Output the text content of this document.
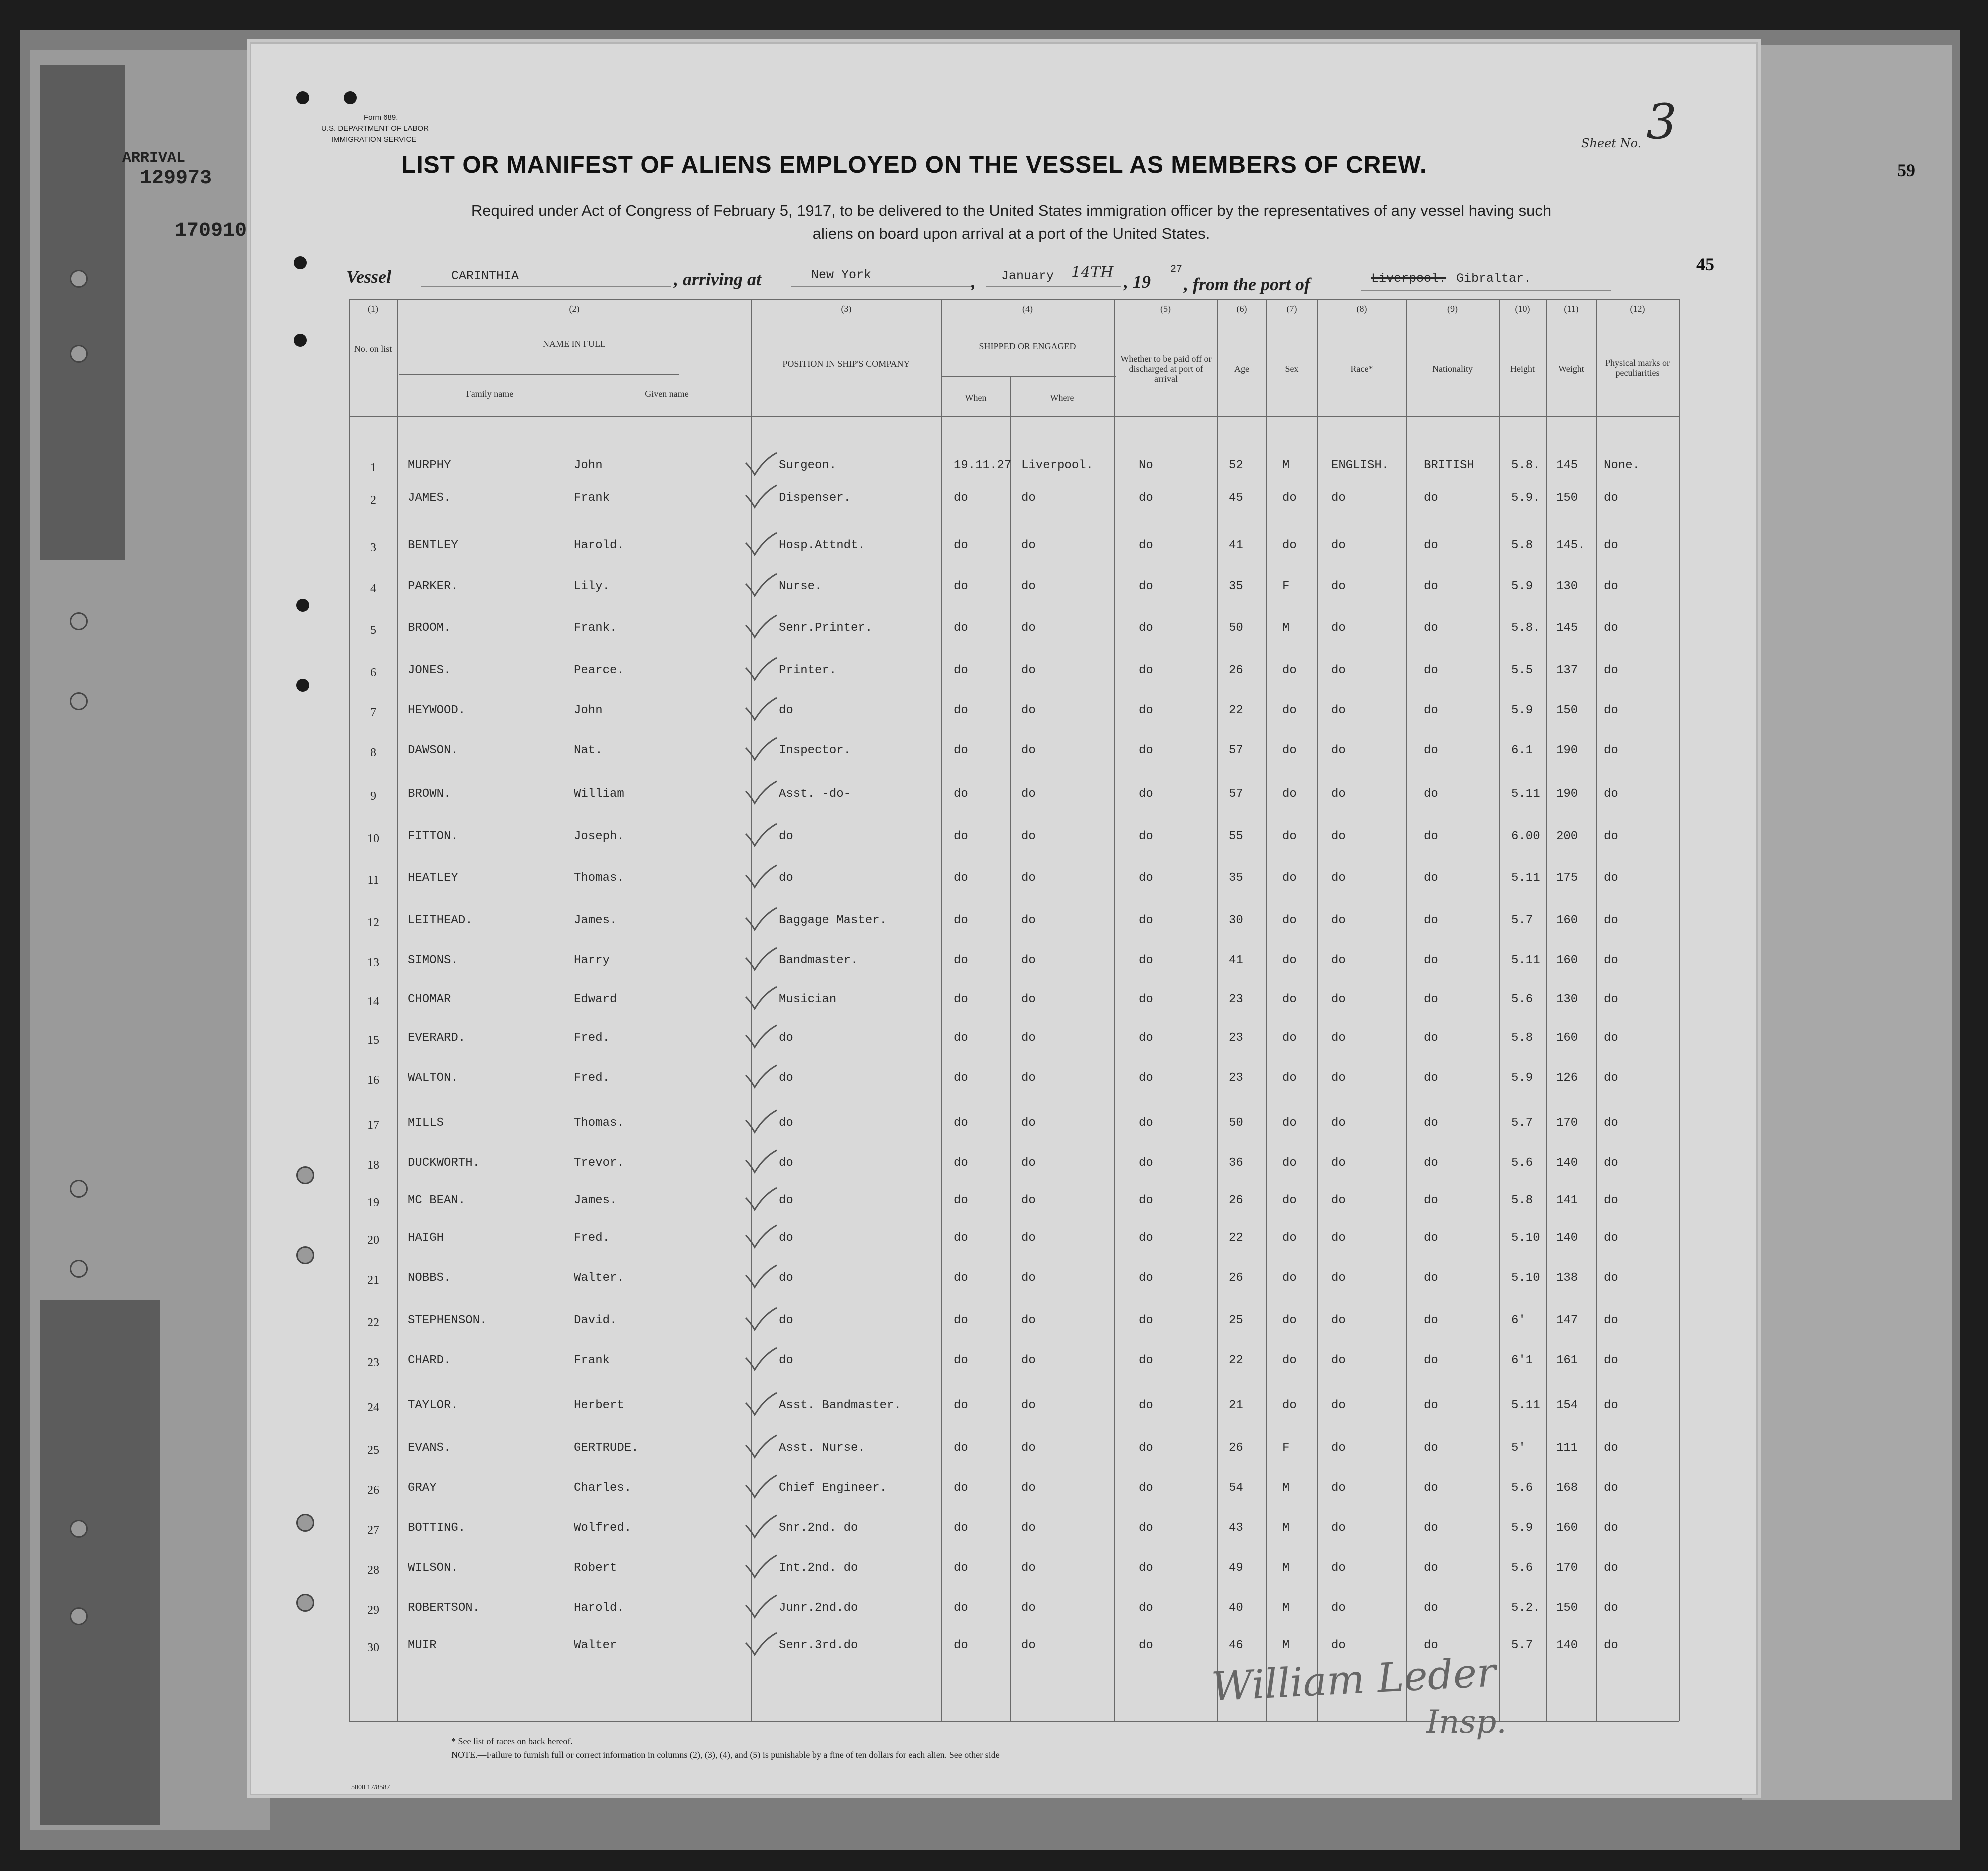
ARRIVAL
129973
170910
59
Form 689.
U.S. DEPARTMENT OF LABOR
IMMIGRATION SERVICE	Sheet No. 3
LIST OR MANIFEST OF ALIENS EMPLOYED ON THE VESSEL AS MEMBERS OF CREW.
Required under Act of Congress of February 5, 1917, to be delivered to the United States immigration officer by the representatives of any vessel having such
aliens on board upon arrival at a port of the United States.
Vessel	CARINTHIA	, arriving at	New York	, January 14TH , 19
27
, from the port of	Liverpool. Gibraltar.
45
(1)	(2)	(3)	(4)	(5)	(6)	(7)	(8)	(9)	(10)	(11)	(12)
No. on list	NAME IN FULL
Family name	Given name
POSITION IN SHIP'S COMPANY
SHIPPED OR ENGAGED
When	Where
Whether to be paid off or discharged at port of arrival
Age	Sex	Race*	Nationality	Height	Weight
Physical marks or peculiarities
1	MURPHY	John	Surgeon.	19.11.27 Liverpool.	No	52	M	ENGLISH.	BRITISH	5.8. 145 None.
2	JAMES.	Frank	Dispenser.	do	do	do	45	do	do	do	5.9. 150 do
3	BENTLEY	Harold.	Hosp.Attndt.	do	do	do	41	do	do	do	5.8 145. do
4	PARKER.	Lily.	Nurse.	do	do	do	35	F	do	do	5.9 130 do
5	BROOM.	Frank.	Senr.Printer.	do	do	do	50	M	do	do	5.8. 145 do
6	JONES.	Pearce.	Printer.	do	do	do	26	do	do	do	5.5 137 do
7	HEYWOOD.	John	do	do	do	do	22	do	do	do	5.9 150 do
8	DAWSON.	Nat.	Inspector.	do	do	do	57	do	do	do	6.1 190 do
9	BROWN.	William	Asst. -do-	do	do	do	57	do	do	do	5.11 190 do
10	FITTON.	Joseph.	do	do	do	do	55	do	do	do	6.00 200 do
11	HEATLEY	Thomas.	do	do	do	do	35	do	do	do	5.11 175 do
12	LEITHEAD.	James.	Baggage Master.	do	do	do	30	do	do	do	5.7 160 do
13	SIMONS.	Harry	Bandmaster.	do	do	do	41	do	do	do	5.11 160 do
14	CHOMAR	Edward	Musician	do	do	do	23	do	do	do	5.6 130 do
15	EVERARD.	Fred.	do	do	do	do	23	do	do	do	5.8 160 do
16	WALTON.	Fred.	do	do	do	do	23	do	do	do	5.9 126 do
17	MILLS	Thomas.	do	do	do	do	50	do	do	do	5.7 170 do
18	DUCKWORTH.	Trevor.	do	do	do	do	36	do	do	do	5.6 140 do
19	MC BEAN.	James.	do	do	do	do	26	do	do	do	5.8 141 do
20	HAIGH	Fred.	do	do	do	do	22	do	do	do	5.10 140 do
21	NOBBS.	Walter.	do	do	do	do	26	do	do	do	5.10 138 do
22	STEPHENSON.	David.	do	do	do	do	25	do	do	do	6'	147 do
23	CHARD.	Frank	do	do	do	do	22	do	do	do	6'1 161 do
24	TAYLOR.	Herbert	Asst. Bandmaster.	do	do	do	21	do	do	do	5.11 154 do
25	EVANS.	GERTRUDE.	Asst. Nurse.	do	do	do	26	F	do	do	5'	111 do
26	GRAY	Charles.	Chief Engineer.	do	do	do	54	M	do	do	5.6 168 do
27	BOTTING.	Wolfred.	Snr.2nd. do	do	do	do	43	M	do	do	5.9 160 do
28	WILSON.	Robert	Int.2nd. do	do	do	do	49	M	do	do	5.6 170 do
29	ROBERTSON.	Harold.	Junr.2nd.do	do	do	do	40	M	do	do	5.2. 150 do
30	MUIR	Walter	Senr.3rd.do	do	do	do	46	M	do	do	5.7 140 do
William Leder
Insp.
* See list of races on back hereof.
NOTE.—Failure to furnish full or correct information in columns (2), (3), (4), and (5) is punishable by a fine of ten dollars for each alien. See other side
5000 17/8587
